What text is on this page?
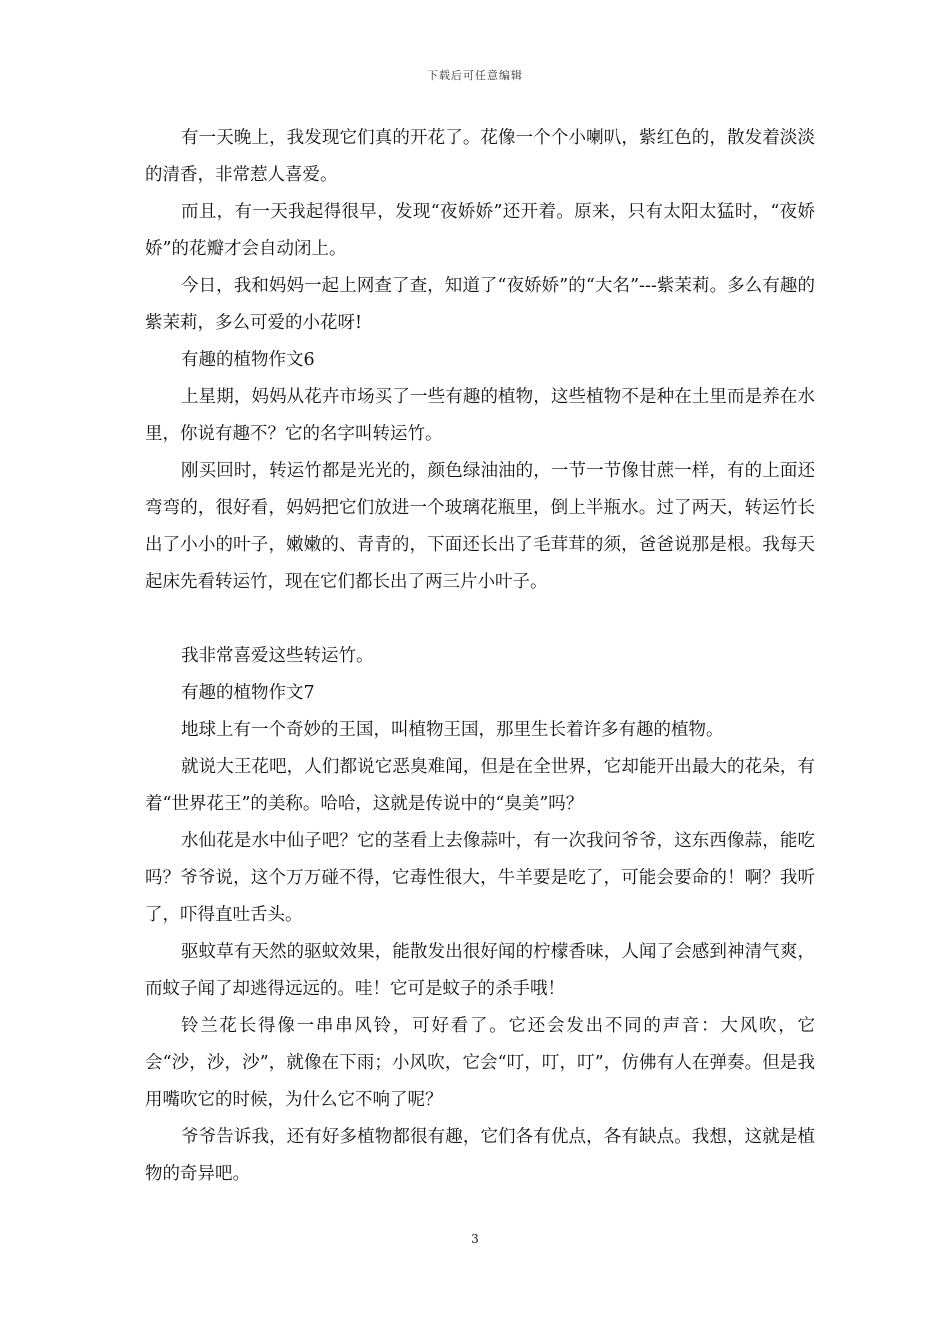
下载后可任意编辑

有一天晚上，我发现它们真的开花了。花像一个个小喇叭，紫红色的，散发着淡淡的清香，非常惹人喜爱。

而且，有一天我起得很早，发现“夜娇娇”还开着。原来，只有太阳太猛时，“夜娇娇”的花瓣才会自动闭上。

今日，我和妈妈一起上网查了查，知道了“夜娇娇”的“大名”---紫茉莉。多么有趣的紫茉莉，多么可爱的小花呀!

有趣的植物作文6

上星期，妈妈从花卉市场买了一些有趣的植物，这些植物不是种在土里而是养在水里，你说有趣不？它的名字叫转运竹。

刚买回时，转运竹都是光光的，颜色绿油油的，一节一节像甘蔗一样，有的上面还弯弯的，很好看，妈妈把它们放进一个玻璃花瓶里，倒上半瓶水。过了两天，转运竹长出了小小的叶子，嫩嫩的、青青的，下面还长出了毛茸茸的须，爸爸说那是根。我每天起床先看转运竹，现在它们都长出了两三片小叶子。

我非常喜爱这些转运竹。

有趣的植物作文7

地球上有一个奇妙的王国，叫植物王国，那里生长着许多有趣的植物。

就说大王花吧，人们都说它恶臭难闻，但是在全世界，它却能开出最大的花朵，有着“世界花王”的美称。哈哈，这就是传说中的“臭美”吗？

水仙花是水中仙子吧？它的茎看上去像蒜叶，有一次我问爷爷，这东西像蒜，能吃吗？爷爷说，这个万万碰不得，它毒性很大，牛羊要是吃了，可能会要命的！啊？我听了，吓得直吐舌头。

驱蚊草有天然的驱蚊效果，能散发出很好闻的柠檬香味，人闻了会感到神清气爽，而蚊子闻了却逃得远远的。哇！它可是蚊子的杀手哦！

铃兰花长得像一串串风铃，可好看了。它还会发出不同的声音：大风吹，它会“沙，沙，沙”，就像在下雨；小风吹，它会“叮，叮，叮”，仿佛有人在弹奏。但是我用嘴吹它的时候，为什么它不响了呢？

爷爷告诉我，还有好多植物都很有趣，它们各有优点，各有缺点。我想，这就是植物的奇异吧。

3
